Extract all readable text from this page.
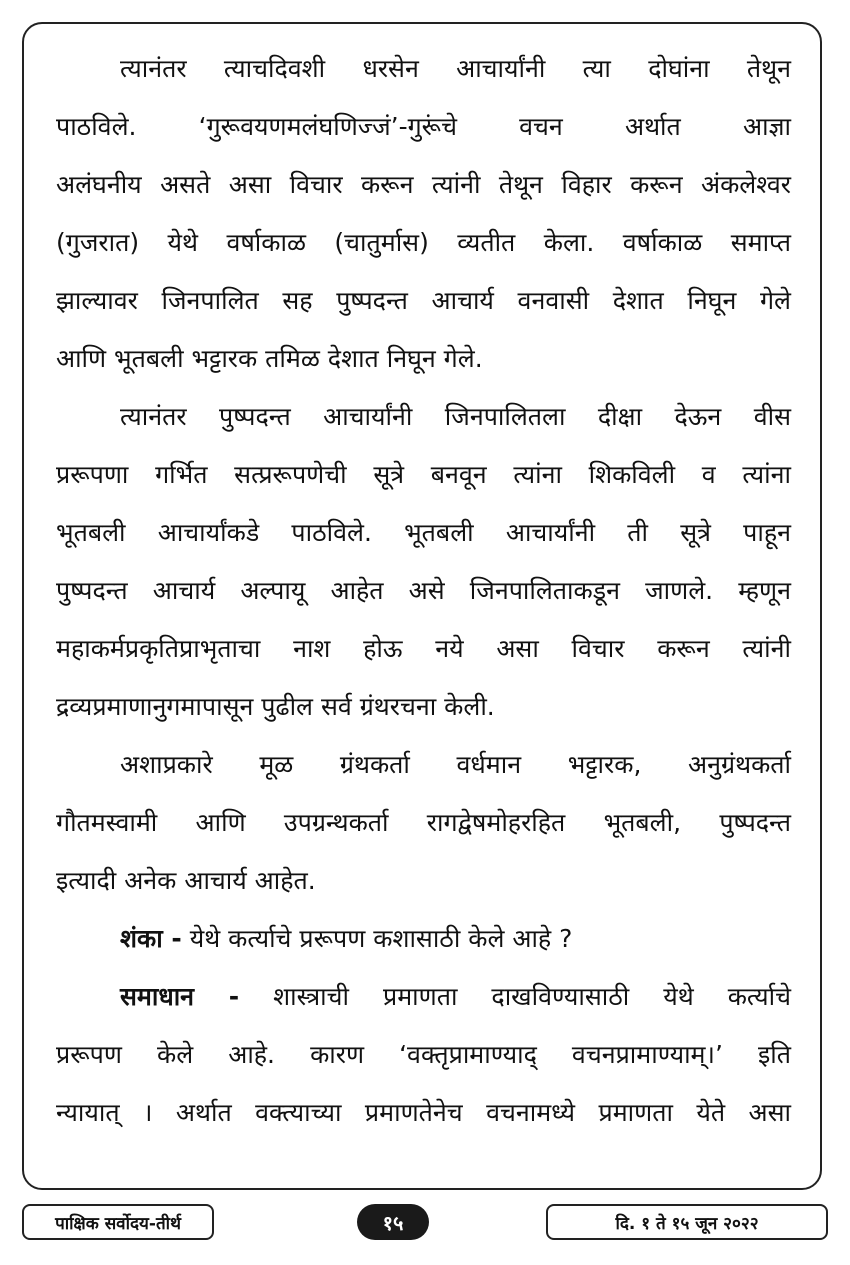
त्यानंतर त्याचदिवशी धरसेन आचार्यांनी त्या दोघांना तेथून
पाठविले. ‘गुरूवयणमलंघणिज्जं’-गुरूंचे वचन अर्थात आज्ञा
अलंघनीय असते असा विचार करून त्यांनी तेथून विहार करून अंकलेश्वर
(गुजरात) येथे वर्षाकाळ (चातुर्मास) व्यतीत केला. वर्षाकाळ समाप्त
झाल्यावर जिनपालित सह पुष्पदन्त आचार्य वनवासी देशात निघून गेले
आणि भूतबली भट्टारक तमिळ देशात निघून गेले.

त्यानंतर पुष्पदन्त आचार्यांनी जिनपालितला दीक्षा देऊन वीस
प्ररूपणा गर्भित सत्प्ररूपणेची सूत्रे बनवून त्यांना शिकविली व त्यांना
भूतबली आचार्यांकडे पाठविले. भूतबली आचार्यांनी ती सूत्रे पाहून
पुष्पदन्त आचार्य अल्पायू आहेत असे जिनपालिताकडून जाणले. म्हणून
महाकर्मप्रकृतिप्राभृताचा नाश होऊ नये असा विचार करून त्यांनी
द्रव्यप्रमाणानुगमापासून पुढील सर्व ग्रंथरचना केली.

अशाप्रकारे मूळ ग्रंथकर्ता वर्धमान भट्टारक, अनुग्रंथकर्ता
गौतमस्वामी आणि उपग्रन्थकर्ता रागद्वेषमोहरहित भूतबली, पुष्पदन्त
इत्यादी अनेक आचार्य आहेत.

शंका - येथे कर्त्याचे प्ररूपण कशासाठी केले आहे ?

समाधान - शास्त्राची प्रमाणता दाखविण्यासाठी येथे कर्त्याचे
प्ररूपण केले आहे. कारण ‘वक्तृप्रामाण्याद् वचनप्रामाण्याम्।’ इति
न्यायात् । अर्थात वक्त्याच्या प्रमाणतेनेच वचनामध्ये प्रमाणता येते असा

पाक्षिक सर्वोदय-तीर्थ	१५	दि. १ ते १५ जून २०२२
